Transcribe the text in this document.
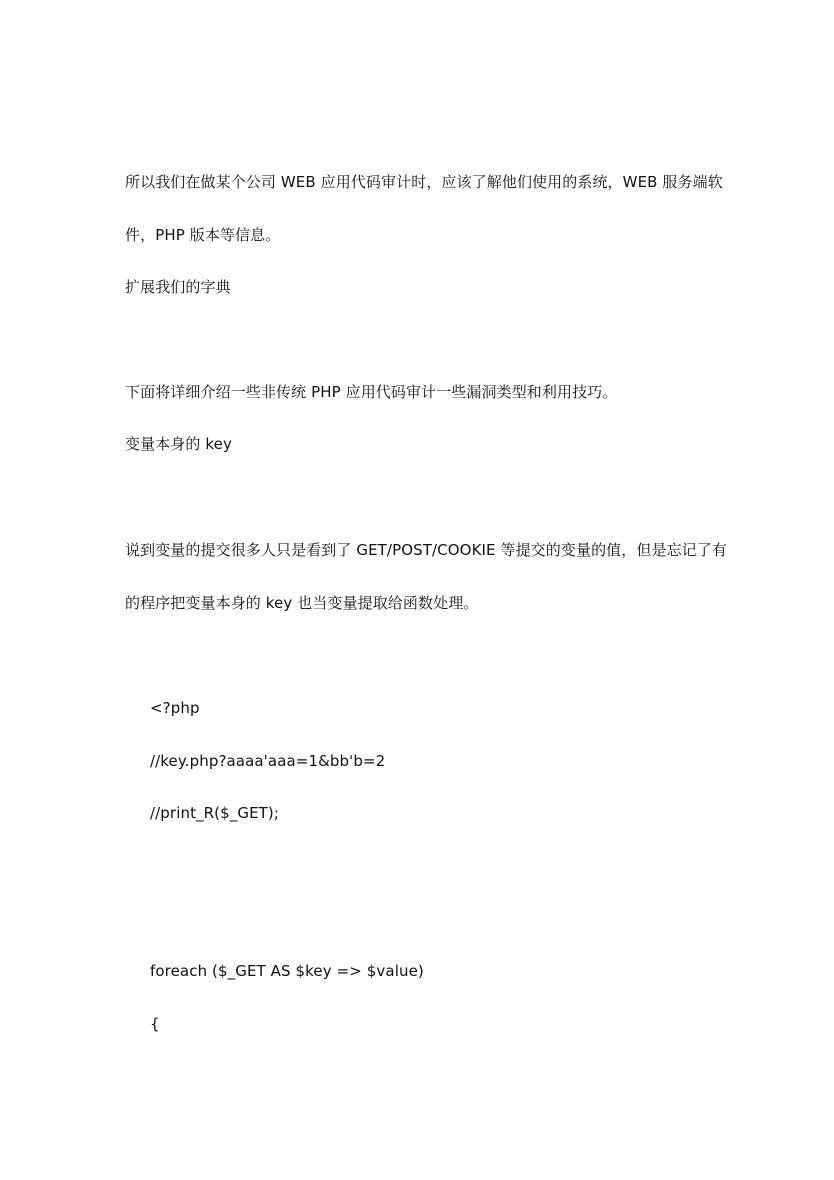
所以我们在做某个公司 WEB 应用代码审计时，应该了解他们使用的系统，WEB 服务端软
件，PHP 版本等信息。
扩展我们的字典
下面将详细介绍一些非传统 PHP 应用代码审计一些漏洞类型和利用技巧。
变量本身的 key
说到变量的提交很多人只是看到了 GET/POST/COOKIE 等提交的变量的值，但是忘记了有
的程序把变量本身的 key 也当变量提取给函数处理。
<?php
//key.php?aaaa'aaa=1&bb'b=2
//print_R($_GET);
foreach ($_GET AS $key => $value)
{
